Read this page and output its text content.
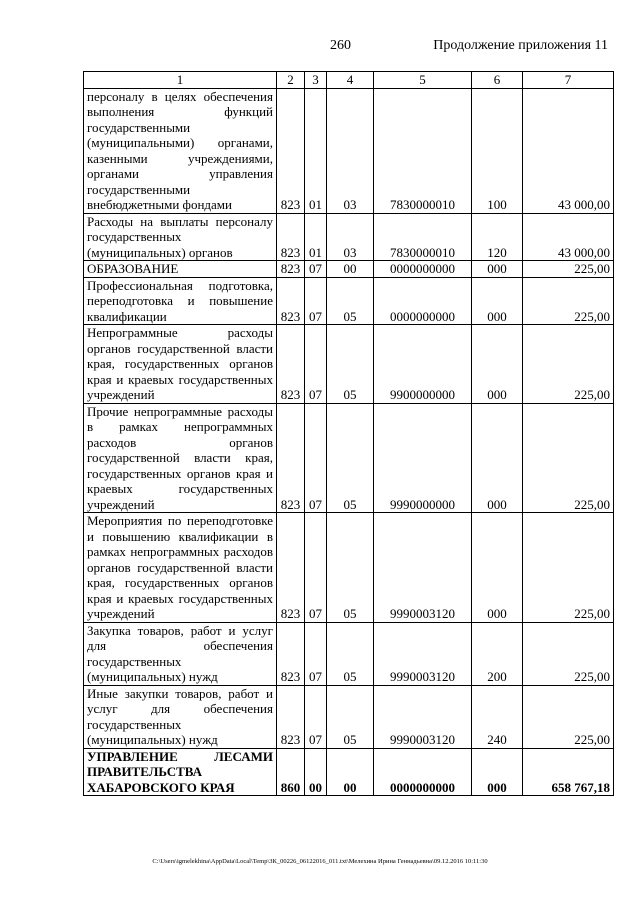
260	Продолжение приложения 11
1	2	3	4	5	6	7
персоналу в целях обеспечения выполнения функций государственными (муниципальными) органами, казенными учреждениями, органами управления государственными внебюджетными фондами	823	01	03	7830000010	100	43 000,00
Расходы на выплаты персоналу государственных (муниципальных) органов	823	01	03	7830000010	120	43 000,00
ОБРАЗОВАНИЕ	823	07	00	0000000000	000	225,00
Профессиональная подготовка, переподготовка и повышение квалификации	823	07	05	0000000000	000	225,00
Непрограммные расходы органов государственной власти края, государственных органов края и краевых государственных учреждений	823	07	05	9900000000	000	225,00
Прочие непрограммные расходы в рамках непрограммных расходов органов государственной власти края, государственных органов края и краевых государственных учреждений	823	07	05	9990000000	000	225,00
Мероприятия по переподготовке и повышению квалификации в рамках непрограммных расходов органов государственной власти края, государственных органов края и краевых государственных учреждений	823	07	05	9990003120	000	225,00
Закупка товаров, работ и услуг для обеспечения государственных (муниципальных) нужд	823	07	05	9990003120	200	225,00
Иные закупки товаров, работ и услуг для обеспечения государственных (муниципальных) нужд	823	07	05	9990003120	240	225,00
УПРАВЛЕНИЕ ЛЕСАМИ ПРАВИТЕЛЬСТВА ХАБАРОВСКОГО КРАЯ	860	00	00	0000000000	000	658 767,18
C:\Users\igmelekhina\AppData\Local\Temp\ЗК_00226_06122016_011.txt\Мелехина Ирина Геннадьевна\09.12.2016 10:11:30
